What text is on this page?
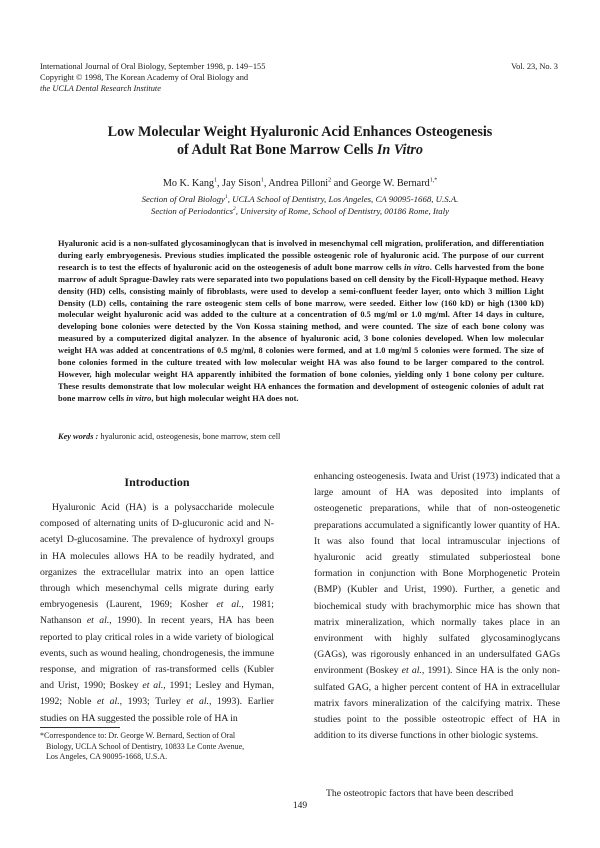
International Journal of Oral Biology, September 1998, p. 149−155
Copyright © 1998, The Korean Academy of Oral Biology and
the UCLA Dental Research Institute
Vol. 23, No. 3
Low Molecular Weight Hyaluronic Acid Enhances Osteogenesis
of Adult Rat Bone Marrow Cells In Vitro
Mo K. Kang$^1$, Jay Sison$^1$, Andrea Pilloni$^2$ and George W. Bernard$^{1,*}$
Section of Oral Biology$^1$, UCLA School of Dentistry, Los Angeles, CA 90095-1668, U.S.A.
Section of Periodontics$^2$, University of Rome, School of Dentistry, 00186 Rome, Italy
Hyaluronic acid is a non-sulfated glycosaminoglycan that is involved in mesenchymal cell migration, proliferation, and differentiation during early embryogenesis. Previous studies implicated the possible osteogenic role of hyaluronic acid. The purpose of our current research is to test the effects of hyaluronic acid on the osteogenesis of adult bone marrow cells in vitro. Cells harvested from the bone marrow of adult Sprague-Dawley rats were separated into two populations based on cell density by the Ficoll-Hypaque method. Heavy density (HD) cells, consisting mainly of fibroblasts, were used to develop a semi-confluent feeder layer, onto which 3 million Light Density (LD) cells, containing the rare osteogenic stem cells of bone marrow, were seeded. Either low (160 kD) or high (1300 kD) molecular weight hyaluronic acid was added to the culture at a concentration of 0.5 mg/ml or 1.0 mg/ml. After 14 days in culture, developing bone colonies were detected by the Von Kossa staining method, and were counted. The size of each bone colony was measured by a computerized digital analyzer. In the absence of hyaluronic acid, 3 bone colonies developed. When low molecular weight HA was added at concentrations of 0.5 mg/ml, 8 colonies were formed, and at 1.0 mg/ml 5 colonies were formed. The size of bone colonies formed in the culture treated with low molecular weight HA was also found to be larger compared to the control. However, high molecular weight HA apparently inhibited the formation of bone colonies, yielding only 1 bone colony per culture. These results demonstrate that low molecular weight HA enhances the formation and development of osteogenic colonies of adult rat bone marrow cells in vitro, but high molecular weight HA does not.
Key words : hyaluronic acid, osteogenesis, bone marrow, stem cell
Introduction
Hyaluronic Acid (HA) is a polysaccharide molecule composed of alternating units of D-glucuronic acid and N-acetyl D-glucosamine. The prevalence of hydroxyl groups in HA molecules allows HA to be readily hydrated, and organizes the extracellular matrix into an open lattice through which mesenchymal cells migrate during early embryogenesis (Laurent, 1969; Kosher et al., 1981; Nathanson et al., 1990). In recent years, HA has been reported to play critical roles in a wide variety of biological events, such as wound healing, chondrogenesis, the immune response, and migration of ras-transformed cells (Kubler and Urist, 1990; Boskey et al., 1991; Lesley and Hyman, 1992; Noble et al., 1993; Turley et al., 1993). Earlier studies on HA suggested the possible role of HA in
enhancing osteogenesis. Iwata and Urist (1973) indicated that a large amount of HA was deposited into implants of osteogenetic preparations, while that of non-osteogenetic preparations accumulated a significantly lower quantity of HA. It was also found that local intramuscular injections of hyaluronic acid greatly stimulated subperiosteal bone formation in conjunction with Bone Morphogenetic Protein (BMP) (Kubler and Urist, 1990). Further, a genetic and biochemical study with brachymorphic mice has shown that matrix mineralization, which normally takes place in an environment with highly sulfated glycosaminoglycans (GAGs), was rigorously enhanced in an undersulfated GAGs environment (Boskey et al., 1991). Since HA is the only non-sulfated GAG, a higher percent content of HA in extracellular matrix favors mineralization of the calcifying matrix. These studies point to the possible osteotropic effect of HA in addition to its diverse functions in other biologic systems.
The osteotropic factors that have been described
*Correspondence to: Dr. George W. Bernard, Section of Oral
Biology, UCLA School of Dentistry, 10833 Le Conte Avenue,
Los Angeles, CA 90095-1668, U.S.A.
149
